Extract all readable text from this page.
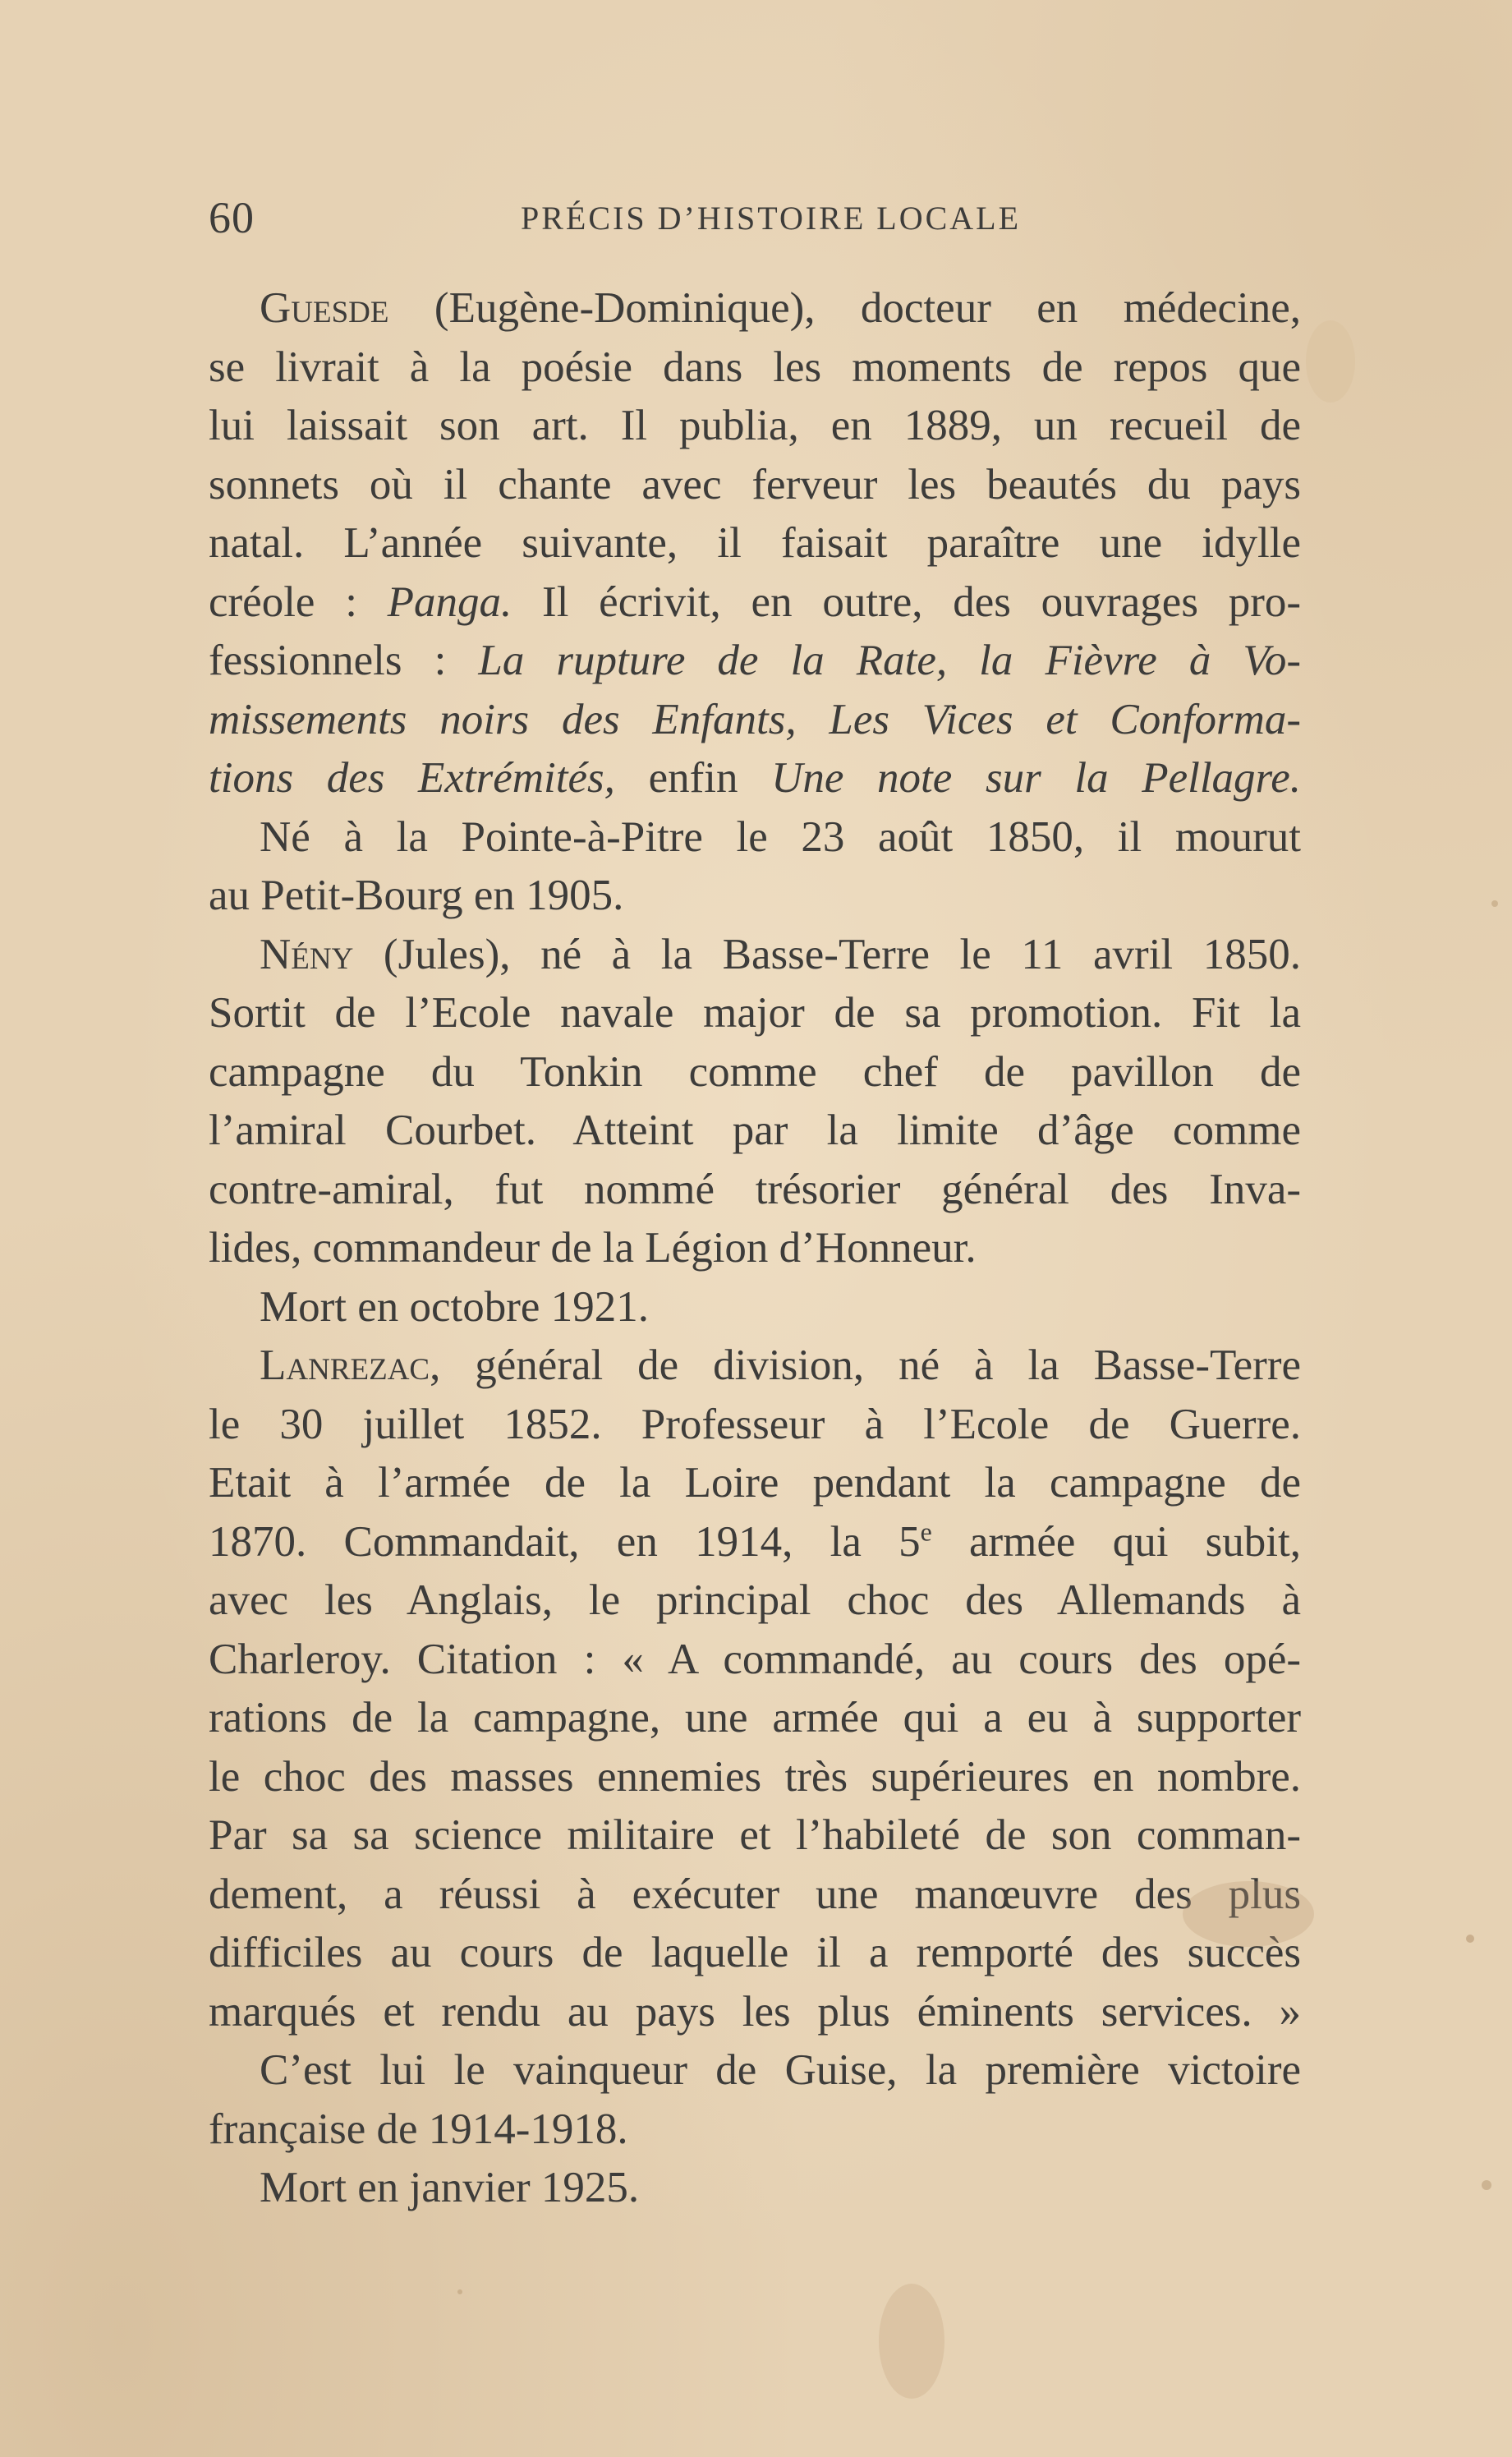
60	PRÉCIS D’HISTOIRE LOCALE
Guesde (Eugène-Dominique), docteur en médecine,
se livrait à la poésie dans les moments de repos que
lui laissait son art. Il publia, en 1889, un recueil de
sonnets où il chante avec ferveur les beautés du pays
natal. L’année suivante, il faisait paraître une idylle
créole : Panga. Il écrivit, en outre, des ouvrages pro-
fessionnels : La rupture de la Rate, la Fièvre à Vo-
missements noirs des Enfants, Les Vices et Conforma-
tions des Extrémités, enfin Une note sur la Pellagre.
Né à la Pointe-à-Pitre le 23 août 1850, il mourut
au Petit-Bourg en 1905.
Nény (Jules), né à la Basse-Terre le 11 avril 1850.
Sortit de l’Ecole navale major de sa promotion. Fit la
campagne du Tonkin comme chef de pavillon de
l’amiral Courbet. Atteint par la limite d’âge comme
contre-amiral, fut nommé trésorier général des Inva-
lides, commandeur de la Légion d’Honneur.
Mort en octobre 1921.
Lanrezac, général de division, né à la Basse-Terre
le 30 juillet 1852. Professeur à l’Ecole de Guerre.
Etait à l’armée de la Loire pendant la campagne de
1870. Commandait, en 1914, la 5e armée qui subit,
avec les Anglais, le principal choc des Allemands à
Charleroy. Citation : « A commandé, au cours des opé-
rations de la campagne, une armée qui a eu à supporter
le choc des masses ennemies très supérieures en nombre.
Par sa sa science militaire et l’habileté de son comman-
dement, a réussi à exécuter une manœuvre des plus
difficiles au cours de laquelle il a remporté des succès
marqués et rendu au pays les plus éminents services. »
C’est lui le vainqueur de Guise, la première victoire
française de 1914-1918.
Mort en janvier 1925.
